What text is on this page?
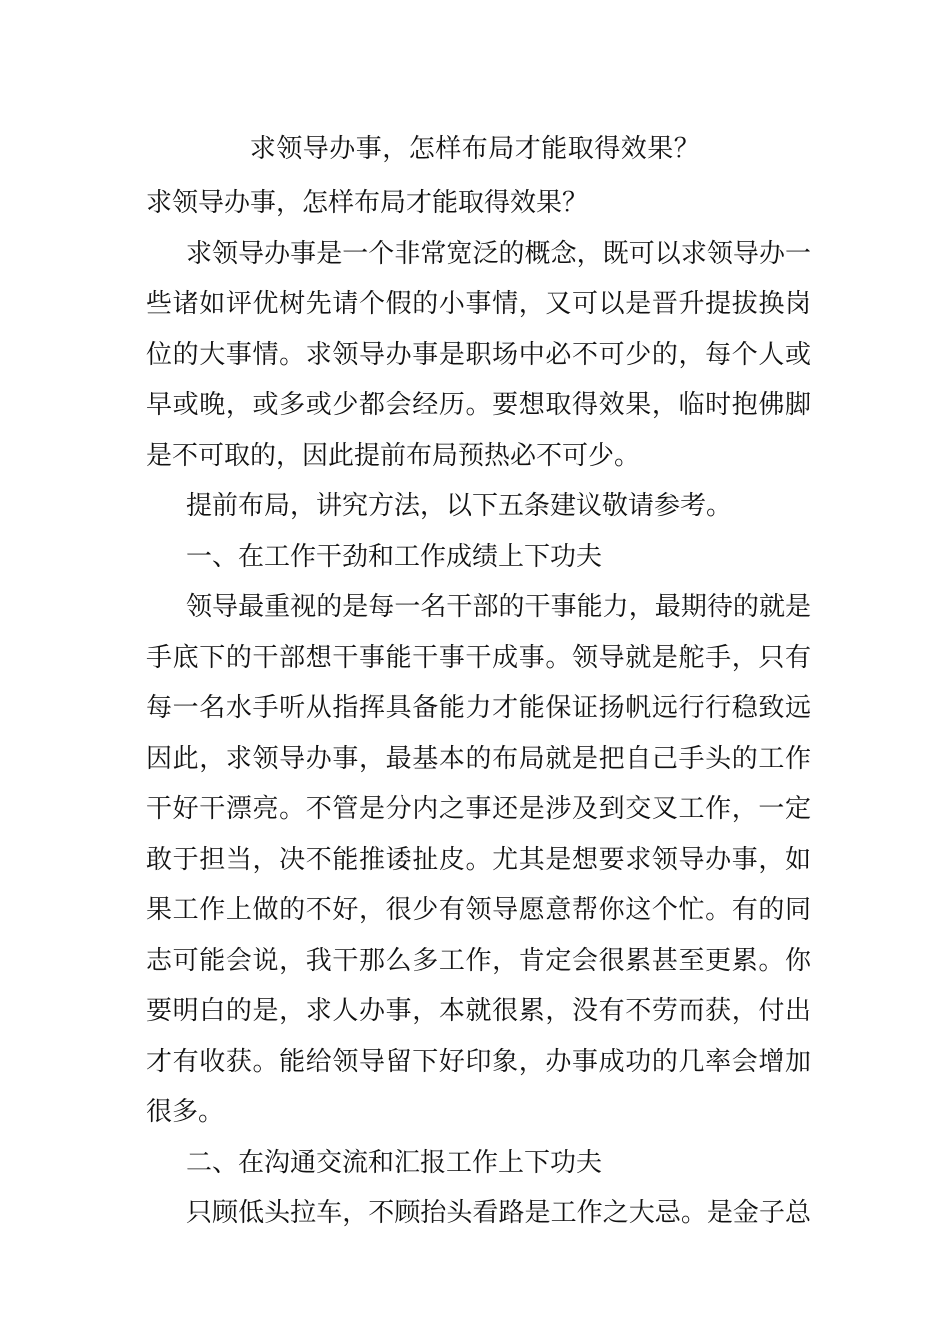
求领导办事，怎样布局才能取得效果？
求领导办事，怎样布局才能取得效果？
求领导办事是一个非常宽泛的概念，既可以求领导办一
些诸如评优树先请个假的小事情，又可以是晋升提拔换岗
位的大事情。求领导办事是职场中必不可少的，每个人或
早或晚，或多或少都会经历。要想取得效果，临时抱佛脚
是不可取的，因此提前布局预热必不可少。
提前布局，讲究方法，以下五条建议敬请参考。
一、在工作干劲和工作成绩上下功夫
领导最重视的是每一名干部的干事能力，最期待的就是
手底下的干部想干事能干事干成事。领导就是舵手，只有
每一名水手听从指挥具备能力才能保证扬帆远行行稳致远
因此，求领导办事，最基本的布局就是把自己手头的工作
干好干漂亮。不管是分内之事还是涉及到交叉工作，一定
敢于担当，决不能推诿扯皮。尤其是想要求领导办事，如
果工作上做的不好，很少有领导愿意帮你这个忙。有的同
志可能会说，我干那么多工作，肯定会很累甚至更累。你
要明白的是，求人办事，本就很累，没有不劳而获，付出
才有收获。能给领导留下好印象，办事成功的几率会增加
很多。
二、在沟通交流和汇报工作上下功夫
只顾低头拉车，不顾抬头看路是工作之大忌。是金子总
